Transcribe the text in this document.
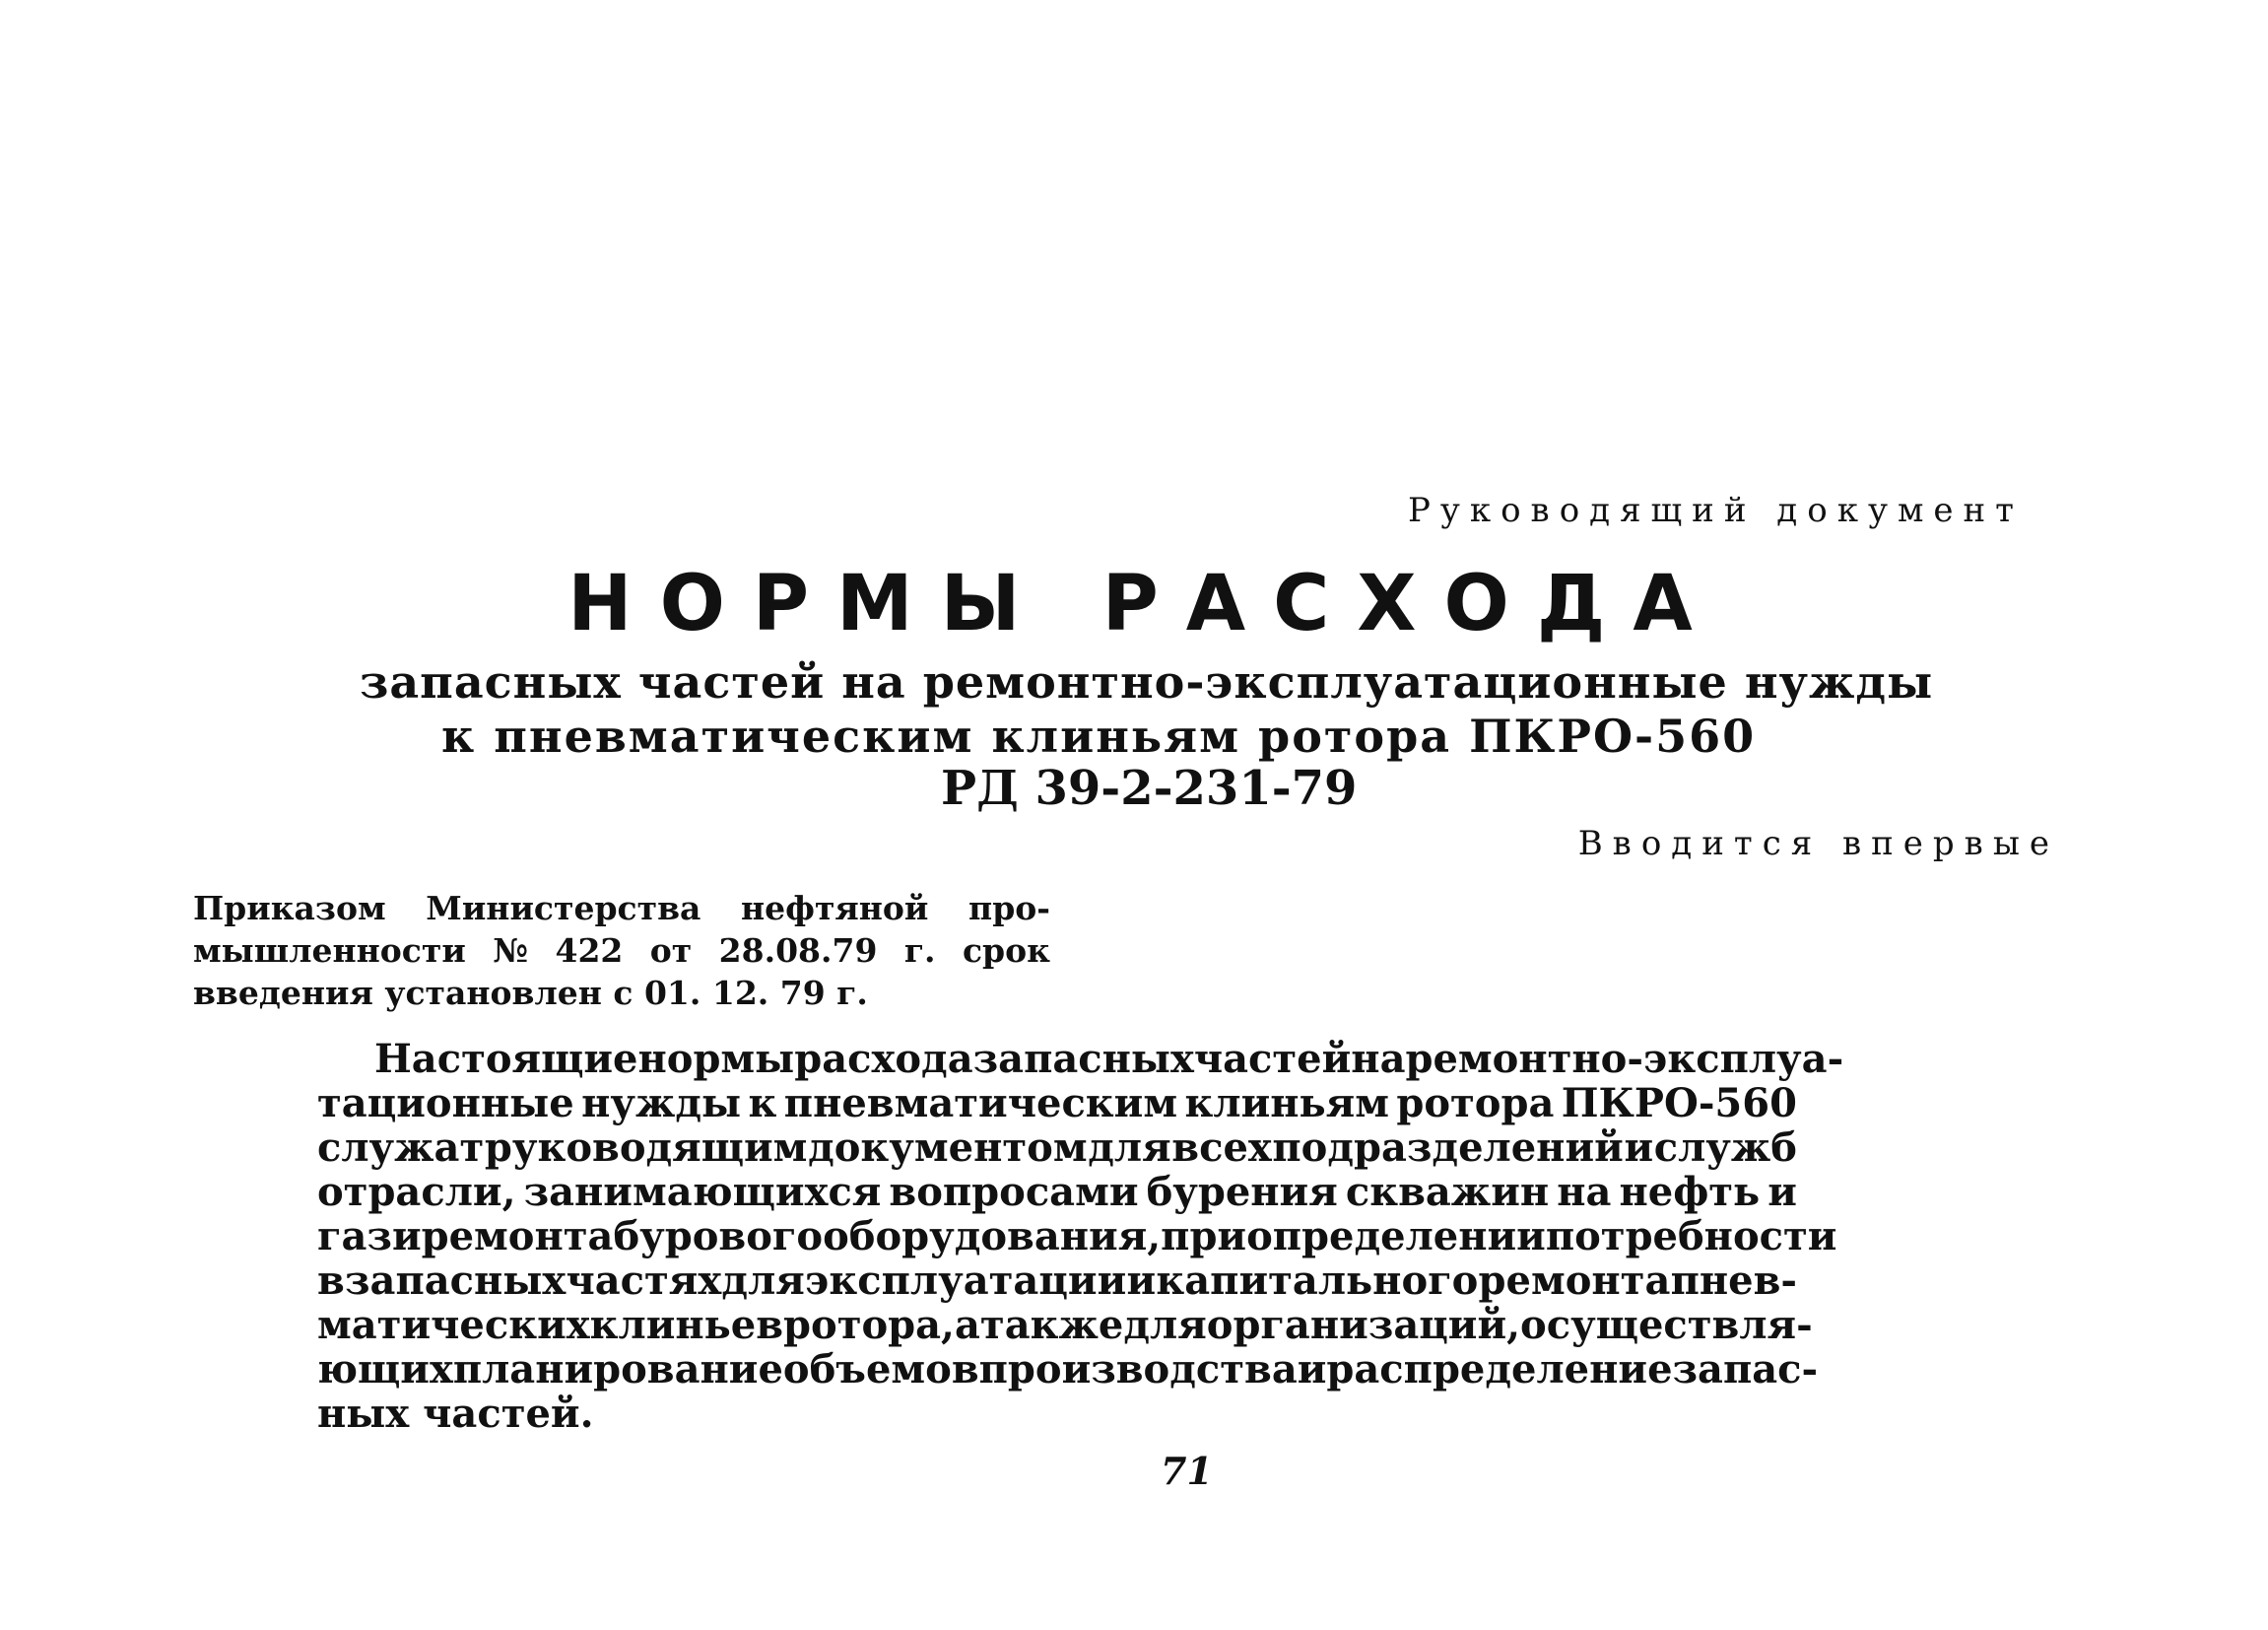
Руководящий документ
НОРМЫ РАСХОДА
запасных частей на ремонтно-эксплуатационные нужды
к пневматическим клиньям ротора ПКРО-560
РД 39-2-231-79
Вводится впервые
Приказом Министерства нефтяной про-
мышленности № 422 от 28.08.79 г. срок
введения установлен с 01. 12. 79 г.
Настоящие нормы расхода запасных частей на ремонтно-эксплуа-
тационные нужды к пневматическим клиньям ротора ПКРО-560
служат руководящим документом для всех подразделений и служб
отрасли, занимающихся вопросами бурения скважин на нефть и
газ и ремонта бурового оборудования, при определении потребности
в запасных частях для эксплуатации и капитального ремонта пнев-
матических клиньев ротора, а также для организаций, осуществля-
ющих планирование объемов производства и распределение запас-
ных частей.
71
